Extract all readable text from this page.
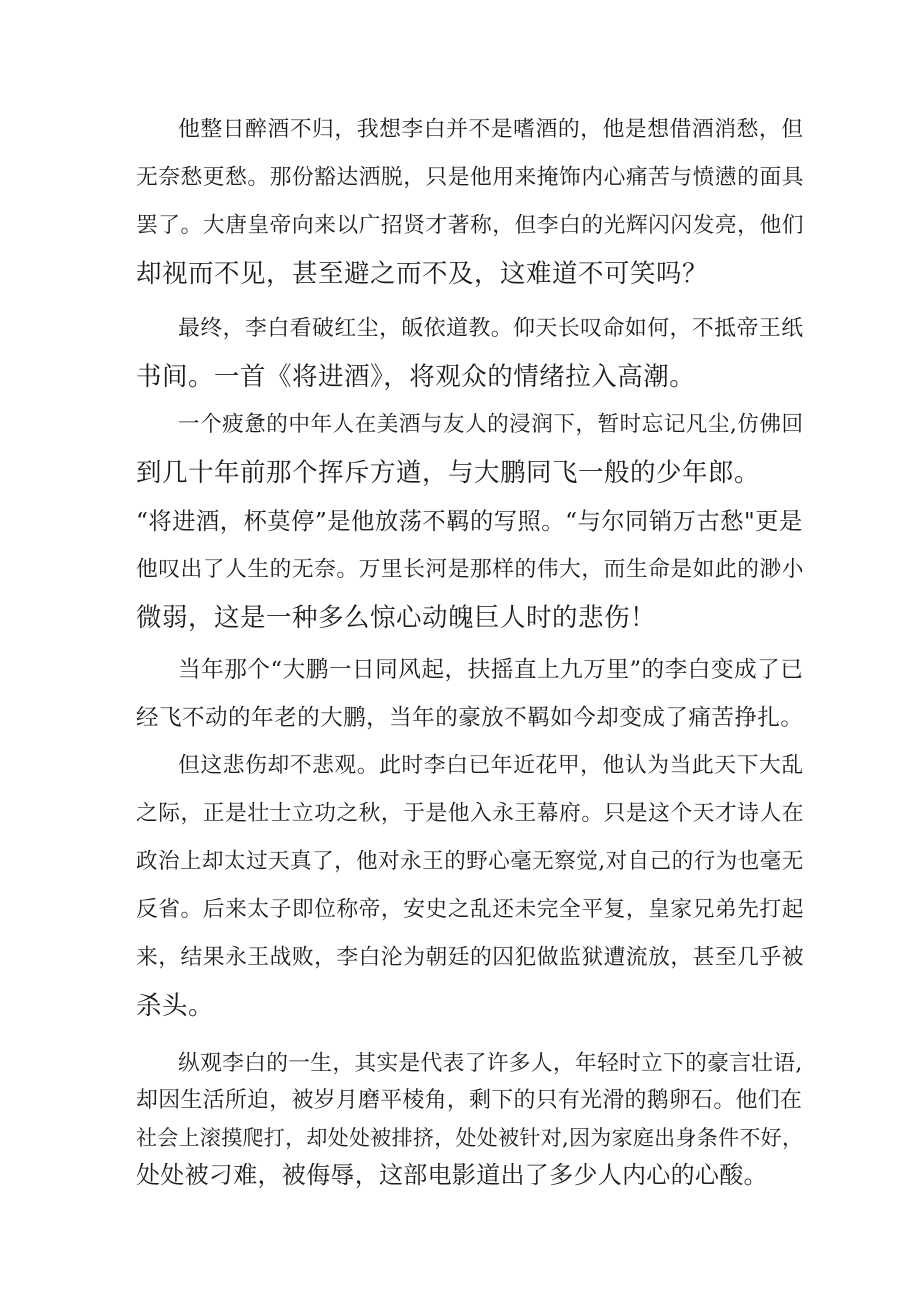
他整日醉酒不归，我想李白并不是嗜酒的，他是想借酒消愁，但
无奈愁更愁。那份豁达洒脱，只是他用来掩饰内心痛苦与愤懑的面具
罢了。大唐皇帝向来以广招贤才著称，但李白的光辉闪闪发亮，他们
却视而不见，甚至避之而不及，这难道不可笑吗？
最终，李白看破红尘，皈依道教。仰天长叹命如何，不抵帝王纸
书间。一首《将进酒》，将观众的情绪拉入高潮。
一个疲惫的中年人在美酒与友人的浸润下，暂时忘记凡尘,仿佛回
到几十年前那个挥斥方遒，与大鹏同飞一般的少年郎。
“将进酒，杯莫停”是他放荡不羁的写照。“与尔同销万古愁"更是
他叹出了人生的无奈。万里长河是那样的伟大，而生命是如此的渺小
微弱，这是一种多么惊心动魄巨人时的悲伤！
当年那个“大鹏一日同风起，扶摇直上九万里”的李白变成了已
经飞不动的年老的大鹏，当年的豪放不羁如今却变成了痛苦挣扎。
但这悲伤却不悲观。此时李白已年近花甲，他认为当此天下大乱
之际，正是壮士立功之秋，于是他入永王幕府。只是这个天才诗人在
政治上却太过天真了，他对永王的野心毫无察觉,对自己的行为也毫无
反省。后来太子即位称帝，安史之乱还未完全平复，皇家兄弟先打起
来，结果永王战败，李白沦为朝廷的囚犯做监狱遭流放，甚至几乎被
杀头。
纵观李白的一生，其实是代表了许多人，年轻时立下的豪言壮语,
却因生活所迫，被岁月磨平棱角，剩下的只有光滑的鹅卵石。他们在
社会上滚摸爬打，却处处被排挤，处处被针对,因为家庭出身条件不好，
处处被刁难，被侮辱，这部电影道出了多少人内心的心酸。
